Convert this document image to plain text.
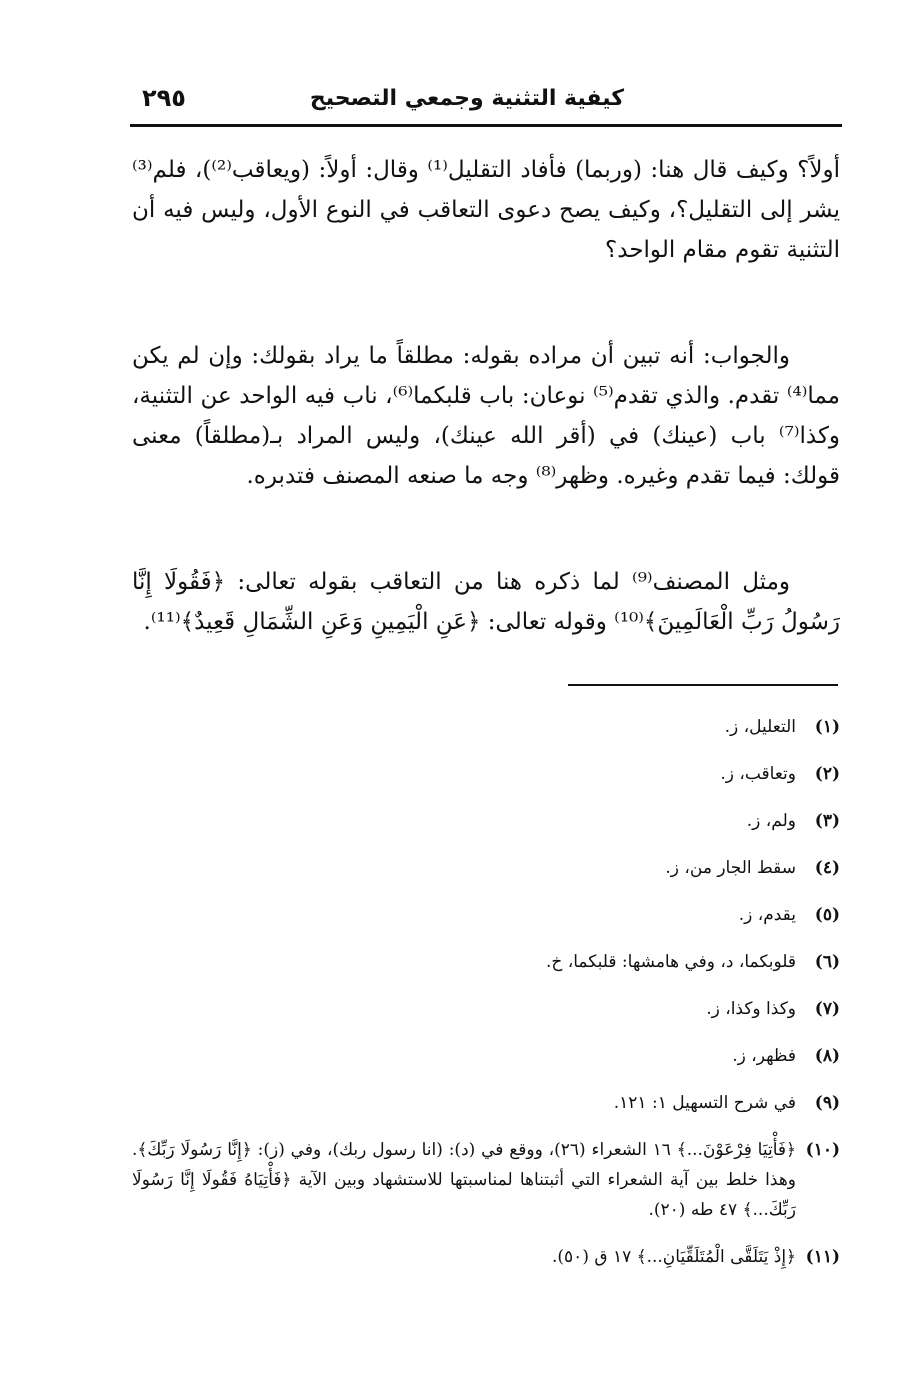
كيفية التثنية وجمعي التصحيح
٢٩٥
أولاً؟ وكيف قال هنا: (وربما) فأفاد التقليل⁽¹⁾ وقال: أولاً: (ويعاقب⁽²⁾)، فلم⁽³⁾ يشر إلى التقليل؟، وكيف يصح دعوى التعاقب في النوع الأول، وليس فيه أن التثنية تقوم مقام الواحد؟
والجواب: أنه تبين أن مراده بقوله: مطلقاً ما يراد بقولك: وإن لم يكن مما⁽⁴⁾ تقدم. والذي تقدم⁽⁵⁾ نوعان: باب قلبكما⁽⁶⁾، ناب فيه الواحد عن التثنية، وكذا⁽⁷⁾ باب (عينك) في (أقر الله عينك)، وليس المراد بـ(مطلقاً) معنى قولك: فيما تقدم وغيره. وظهر⁽⁸⁾ وجه ما صنعه المصنف فتدبره.
ومثل المصنف⁽⁹⁾ لما ذكره هنا من التعاقب بقوله تعالى: ﴿فَقُولَا إِنَّا رَسُولُ رَبِّ الْعَالَمِينَ﴾⁽¹⁰⁾ وقوله تعالى: ﴿عَنِ الْيَمِينِ وَعَنِ الشِّمَالِ قَعِيدٌ﴾⁽¹¹⁾.
(١)
التعليل، ز.
(٢)
وتعاقب، ز.
(٣)
ولم، ز.
(٤)
سقط الجار من، ز.
(٥)
يقدم، ز.
(٦)
قلوبكما، د، وفي هامشها: قلبكما، خ.
(٧)
وكذا وكذا، ز.
(٨)
فظهر، ز.
(٩)
في شرح التسهيل ١: ١٢١.
(١٠)
﴿فَأْتِيَا فِرْعَوْنَ...﴾ ١٦ الشعراء (٢٦)، ووقع في (د): (انا رسول ربك)، وفي (ز): ﴿إِنَّا رَسُولَا رَبِّكَ﴾. وهذا خلط بين آية الشعراء التي أثبتناها لمناسبتها للاستشهاد وبين الآية ﴿فَأْتِيَاهُ فَقُولَا إِنَّا رَسُولَا رَبِّكَ...﴾ ٤٧ طه (٢٠).
(١١)
﴿إِذْ يَتَلَقَّى الْمُتَلَقِّيَانِ...﴾ ١٧ ق (٥٠).
